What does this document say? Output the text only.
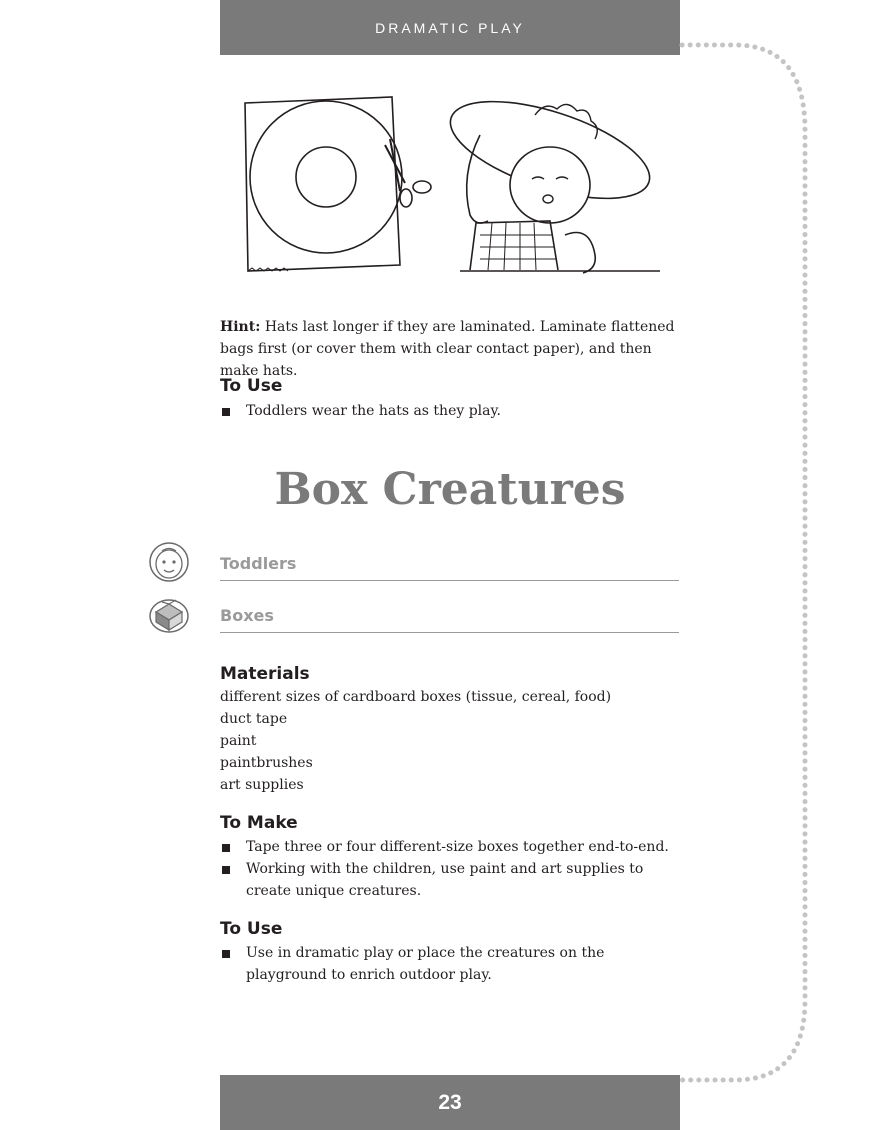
DRAMATIC PLAY
Hint: Hats last longer if they are laminated. Laminate flattened bags first (or cover them with clear contact paper), and then make hats.
To Use
Toddlers wear the hats as they play.
Box Creatures
Toddlers
Boxes
Materials
different sizes of cardboard boxes (tissue, cereal, food)
duct tape
paint
paintbrushes
art supplies
To Make
Tape three or four different-size boxes together end-to-end.
Working with the children, use paint and art supplies to create unique creatures.
To Use
Use in dramatic play or place the creatures on the playground to enrich outdoor play.
23
